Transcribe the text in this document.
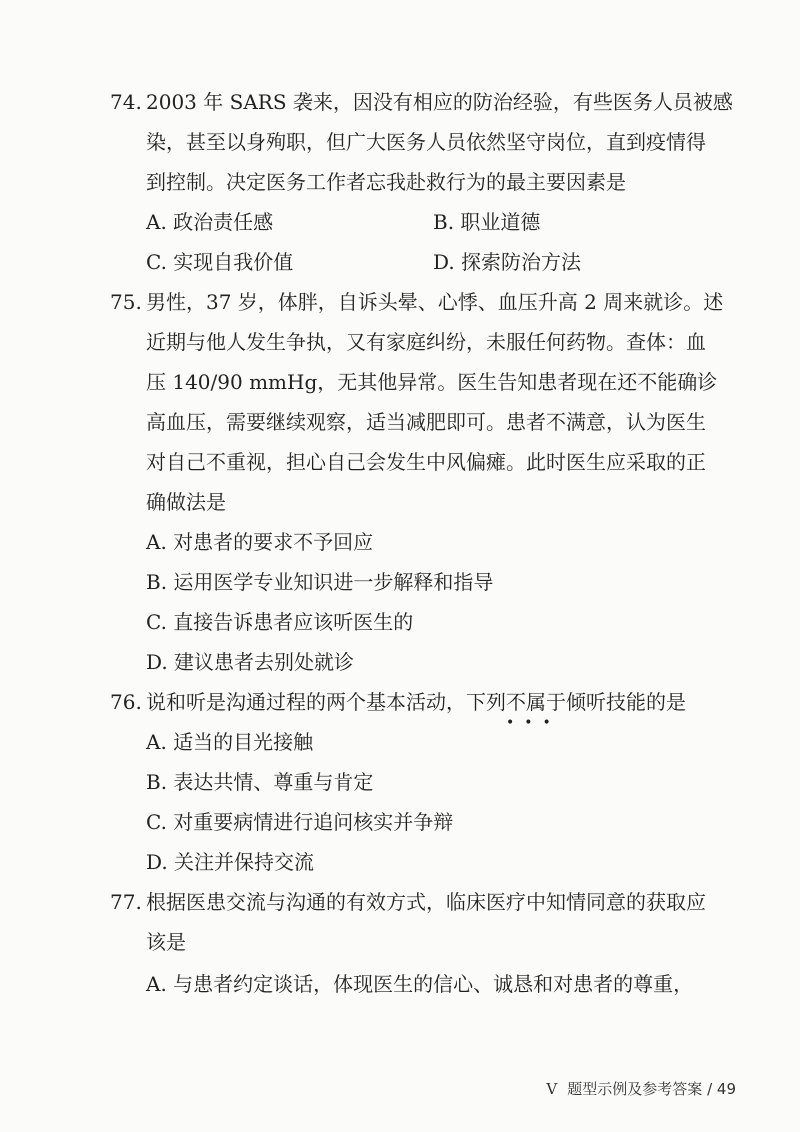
74. 2003 年 SARS 袭来，因没有相应的防治经验，有些医务人员被感
染，甚至以身殉职，但广大医务人员依然坚守岗位，直到疫情得
到控制。决定医务工作者忘我赴救行为的最主要因素是
A. 政治责任感	B. 职业道德
C. 实现自我价值	D. 探索防治方法
75. 男性，37 岁，体胖，自诉头晕、心悸、血压升高 2 周来就诊。述
近期与他人发生争执，又有家庭纠纷，未服任何药物。查体：血
压 140/90 mmHg，无其他异常。医生告知患者现在还不能确诊
高血压，需要继续观察，适当减肥即可。患者不满意，认为医生
对自己不重视，担心自己会发生中风偏瘫。此时医生应采取的正
确做法是
A. 对患者的要求不予回应
B. 运用医学专业知识进一步解释和指导
C. 直接告诉患者应该听医生的
D. 建议患者去别处就诊
76. 说和听是沟通过程的两个基本活动，下列不属于
•••
倾听技能的是
A. 适当的目光接触
B. 表达共情、尊重与肯定
C. 对重要病情进行追问核实并争辩
D. 关注并保持交流
77. 根据医患交流与沟通的有效方式，临床医疗中知情同意的获取应
该是
A. 与患者约定谈话，体现医生的信心、诚恳和对患者的尊重，
V 题型示例及参考答案 / 49
